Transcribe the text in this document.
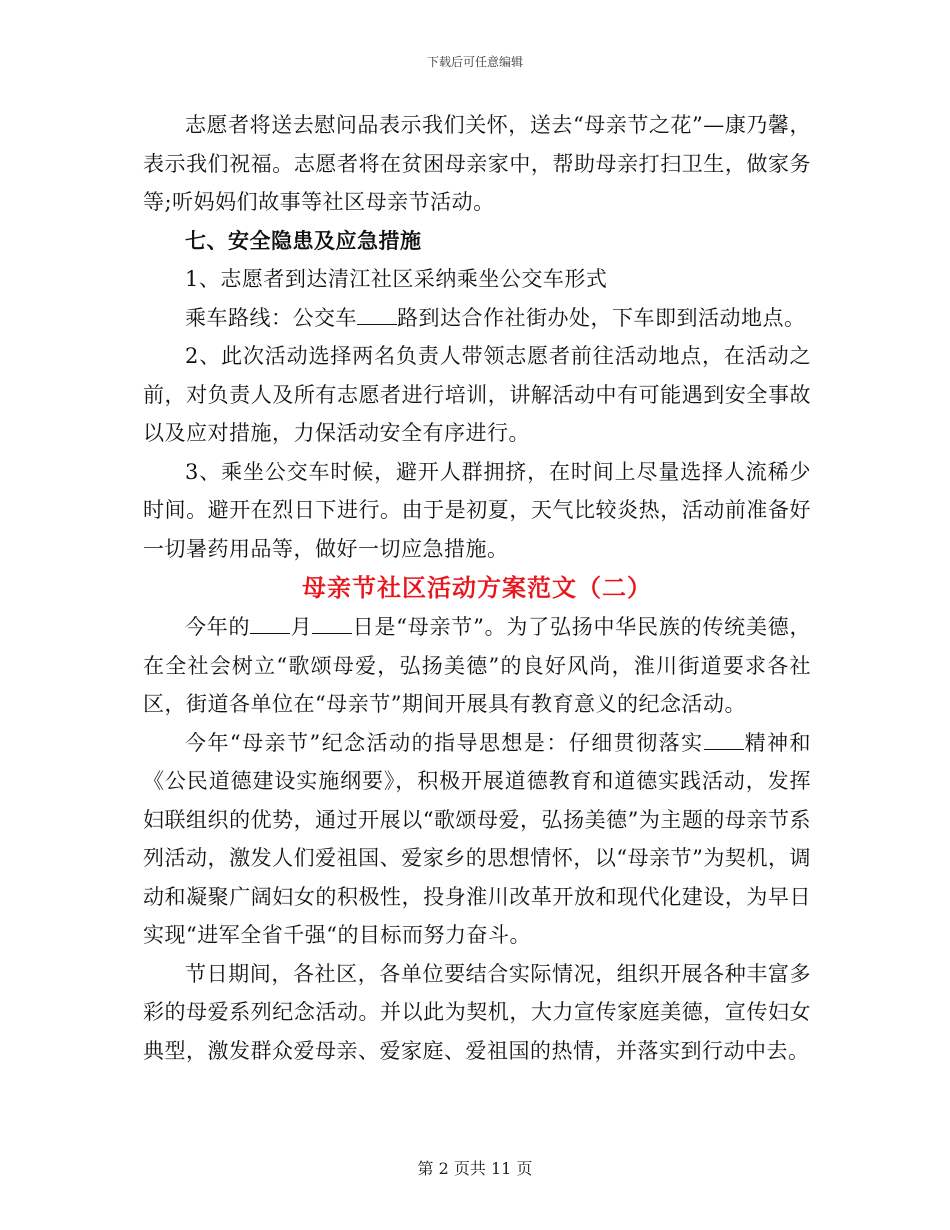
下载后可任意编辑

志愿者将送去慰问品表示我们关怀，送去“母亲节之花”—康乃馨，表示我们祝福。志愿者将在贫困母亲家中，帮助母亲打扫卫生，做家务等;听妈妈们故事等社区母亲节活动。

七、安全隐患及应急措施

1、志愿者到达清江社区采纳乘坐公交车形式

乘车路线：公交车 路到达合作社街办处，下车即到活动地点。

2、此次活动选择两名负责人带领志愿者前往活动地点，在活动之前，对负责人及所有志愿者进行培训，讲解活动中有可能遇到安全事故以及应对措施，力保活动安全有序进行。

3、乘坐公交车时候，避开人群拥挤，在时间上尽量选择人流稀少时间。避开在烈日下进行。由于是初夏，天气比较炎热，活动前准备好一切暑药用品等，做好一切应急措施。

母亲节社区活动方案范文（二）

今年的 月 日是“母亲节”。为了弘扬中华民族的传统美德，在全社会树立“歌颂母爱，弘扬美德”的良好风尚，淮川街道要求各社区，街道各单位在“母亲节”期间开展具有教育意义的纪念活动。

今年“母亲节”纪念活动的指导思想是：仔细贯彻落实 精神和《公民道德建设实施纲要》，积极开展道德教育和道德实践活动，发挥妇联组织的优势，通过开展以“歌颂母爱，弘扬美德”为主题的母亲节系列活动，激发人们爱祖国、爱家乡的思想情怀，以“母亲节”为契机，调动和凝聚广阔妇女的积极性，投身淮川改革开放和现代化建设，为早日实现“进军全省千强“的目标而努力奋斗。

节日期间，各社区，各单位要结合实际情况，组织开展各种丰富多彩的母爱系列纪念活动。并以此为契机，大力宣传家庭美德，宣传妇女典型，激发群众爱母亲、爱家庭、爱祖国的热情，并落实到行动中去。

第 2 页共 11 页
